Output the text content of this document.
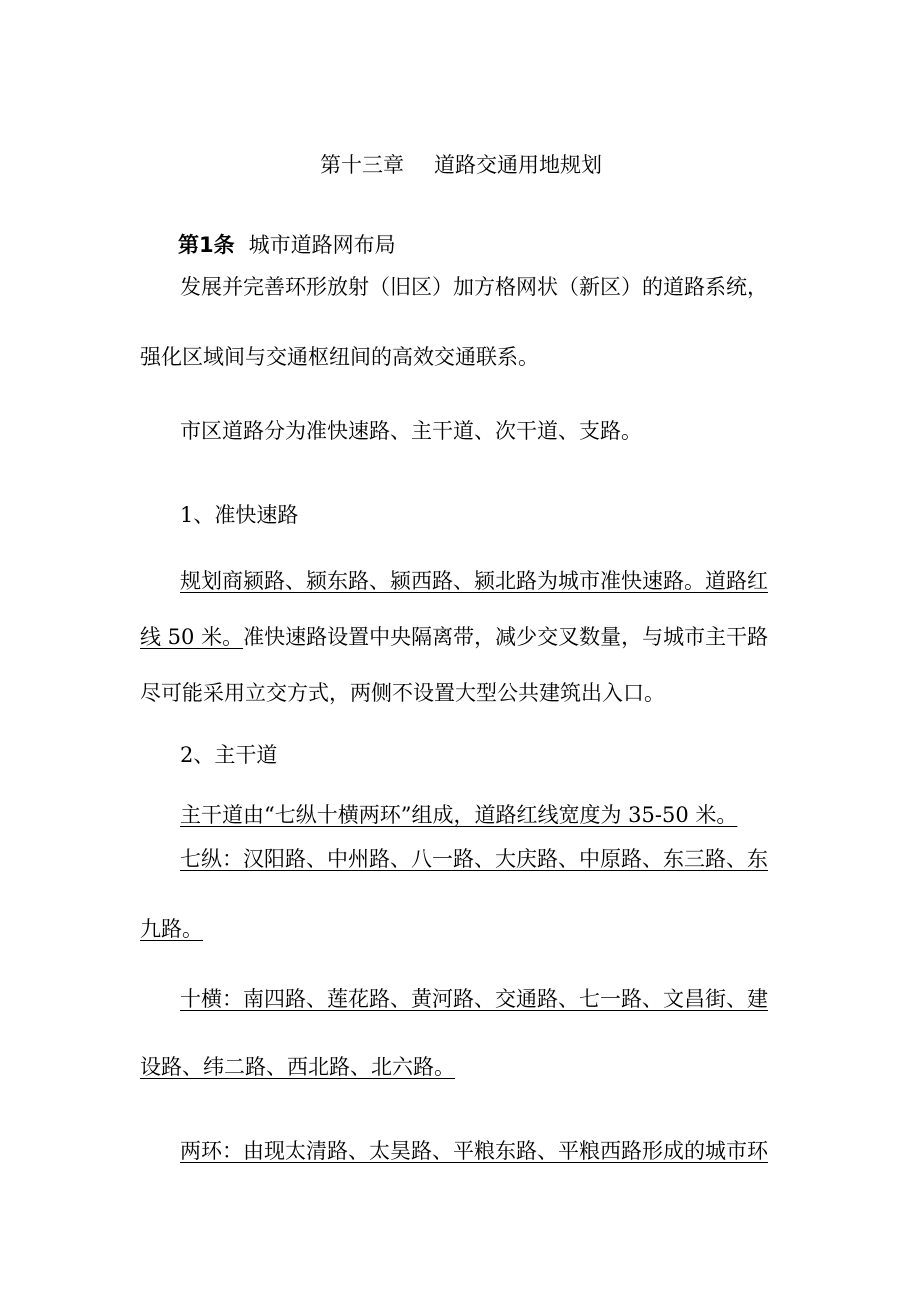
第十三章 道路交通用地规划
第1条 城市道路网布局
发展并完善环形放射（旧区）加方格网状（新区）的道路系统，
强化区域间与交通枢纽间的高效交通联系。
市区道路分为准快速路、主干道、次干道、支路。
1、准快速路
规划商颍路、颍东路、颍西路、颍北路为城市准快速路。道路红
线 50 米。准快速路设置中央隔离带，减少交叉数量，与城市主干路
尽可能采用立交方式，两侧不设置大型公共建筑出入口。
2、主干道
主干道由“七纵十横两环”组成，道路红线宽度为 35-50 米。
七纵：汉阳路、中州路、八一路、大庆路、中原路、东三路、东
九路。
十横：南四路、莲花路、黄河路、交通路、七一路、文昌街、建
设路、纬二路、西北路、北六路。
两环：由现太清路、太昊路、平粮东路、平粮西路形成的城市环
